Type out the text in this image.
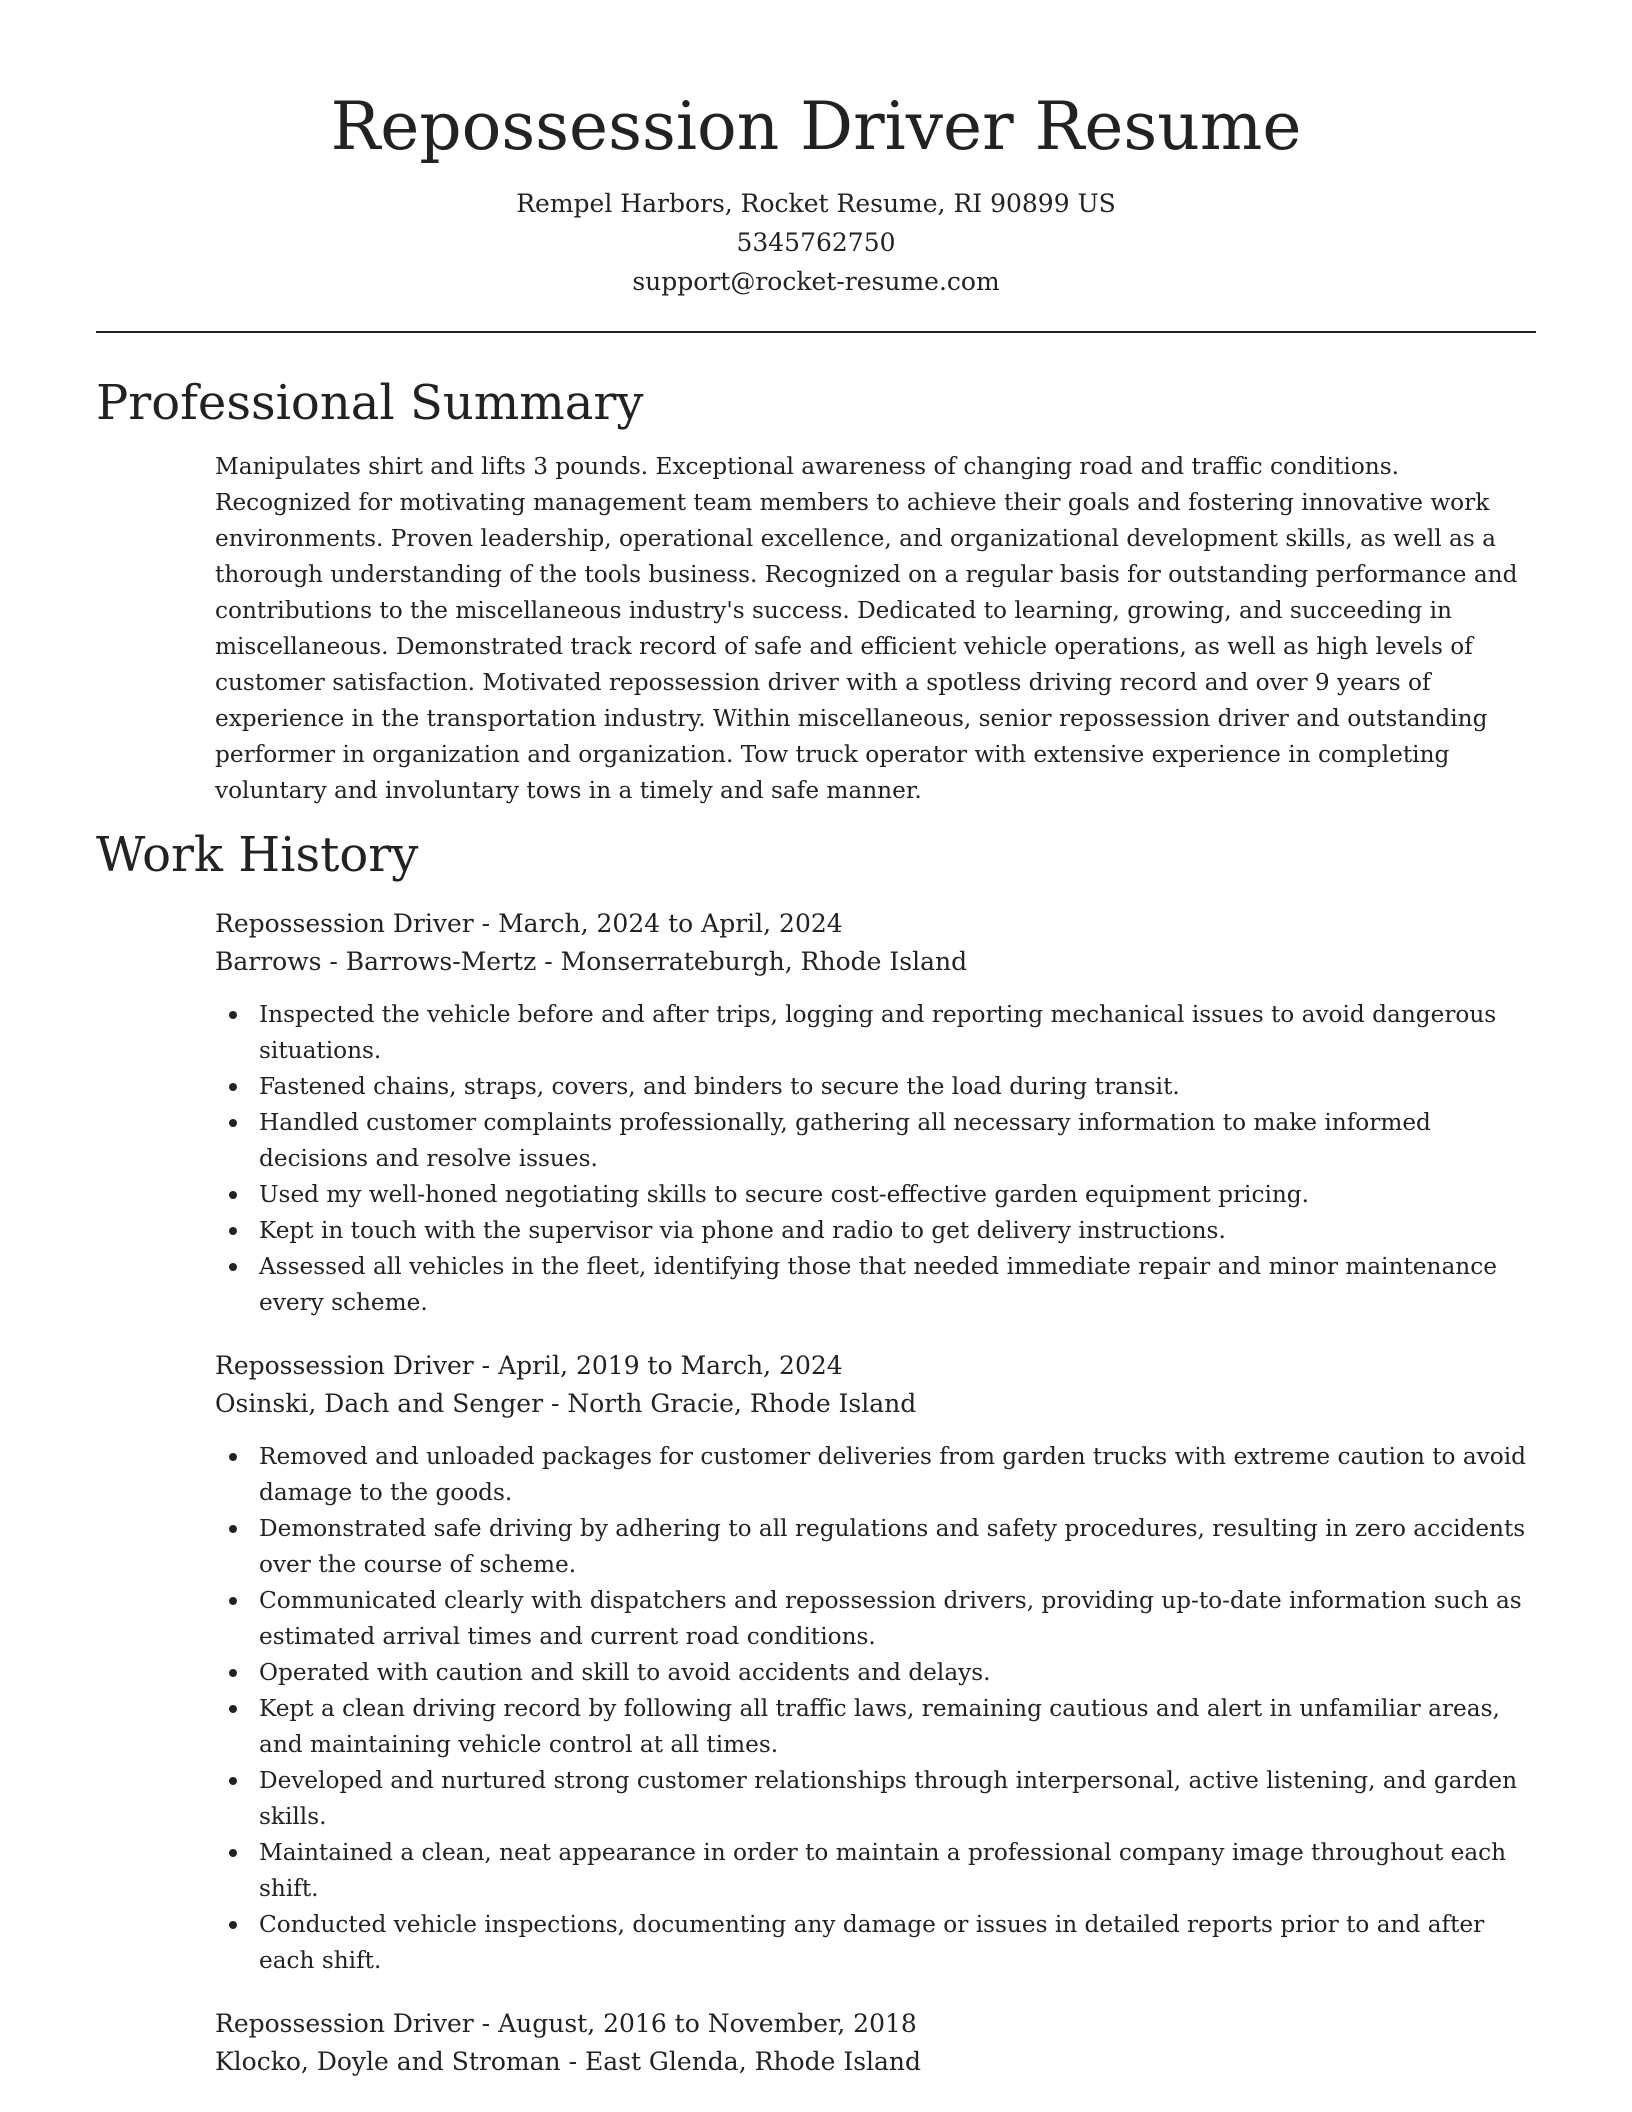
Repossession Driver Resume
Rempel Harbors, Rocket Resume, RI 90899 US
5345762750
support@rocket-resume.com
Professional Summary

Manipulates shirt and lifts 3 pounds. Exceptional awareness of changing road and traffic conditions. Recognized for motivating management team members to achieve their goals and fostering innovative work environments. Proven leadership, operational excellence, and organizational development skills, as well as a thorough understanding of the tools business. Recognized on a regular basis for outstanding performance and contributions to the miscellaneous industry's success. Dedicated to learning, growing, and succeeding in miscellaneous. Demonstrated track record of safe and efficient vehicle operations, as well as high levels of customer satisfaction. Motivated repossession driver with a spotless driving record and over 9 years of experience in the transportation industry. Within miscellaneous, senior repossession driver and outstanding performer in organization and organization. Tow truck operator with extensive experience in completing voluntary and involuntary tows in a timely and safe manner.

Work History
Repossession Driver - March, 2024 to April, 2024
Barrows - Barrows-Mertz - Monserrateburgh, Rhode Island
Inspected the vehicle before and after trips, logging and reporting mechanical issues to avoid dangerous situations.
Fastened chains, straps, covers, and binders to secure the load during transit.
Handled customer complaints professionally, gathering all necessary information to make informed decisions and resolve issues.
Used my well-honed negotiating skills to secure cost-effective garden equipment pricing.
Kept in touch with the supervisor via phone and radio to get delivery instructions.
Assessed all vehicles in the fleet, identifying those that needed immediate repair and minor maintenance every scheme.
Repossession Driver - April, 2019 to March, 2024
Osinski, Dach and Senger - North Gracie, Rhode Island
Removed and unloaded packages for customer deliveries from garden trucks with extreme caution to avoid damage to the goods.
Demonstrated safe driving by adhering to all regulations and safety procedures, resulting in zero accidents over the course of scheme.
Communicated clearly with dispatchers and repossession drivers, providing up-to-date information such as estimated arrival times and current road conditions.
Operated with caution and skill to avoid accidents and delays.
Kept a clean driving record by following all traffic laws, remaining cautious and alert in unfamiliar areas, and maintaining vehicle control at all times.
Developed and nurtured strong customer relationships through interpersonal, active listening, and garden skills.
Maintained a clean, neat appearance in order to maintain a professional company image throughout each shift.
Conducted vehicle inspections, documenting any damage or issues in detailed reports prior to and after each shift.
Repossession Driver - August, 2016 to November, 2018
Klocko, Doyle and Stroman - East Glenda, Rhode Island
